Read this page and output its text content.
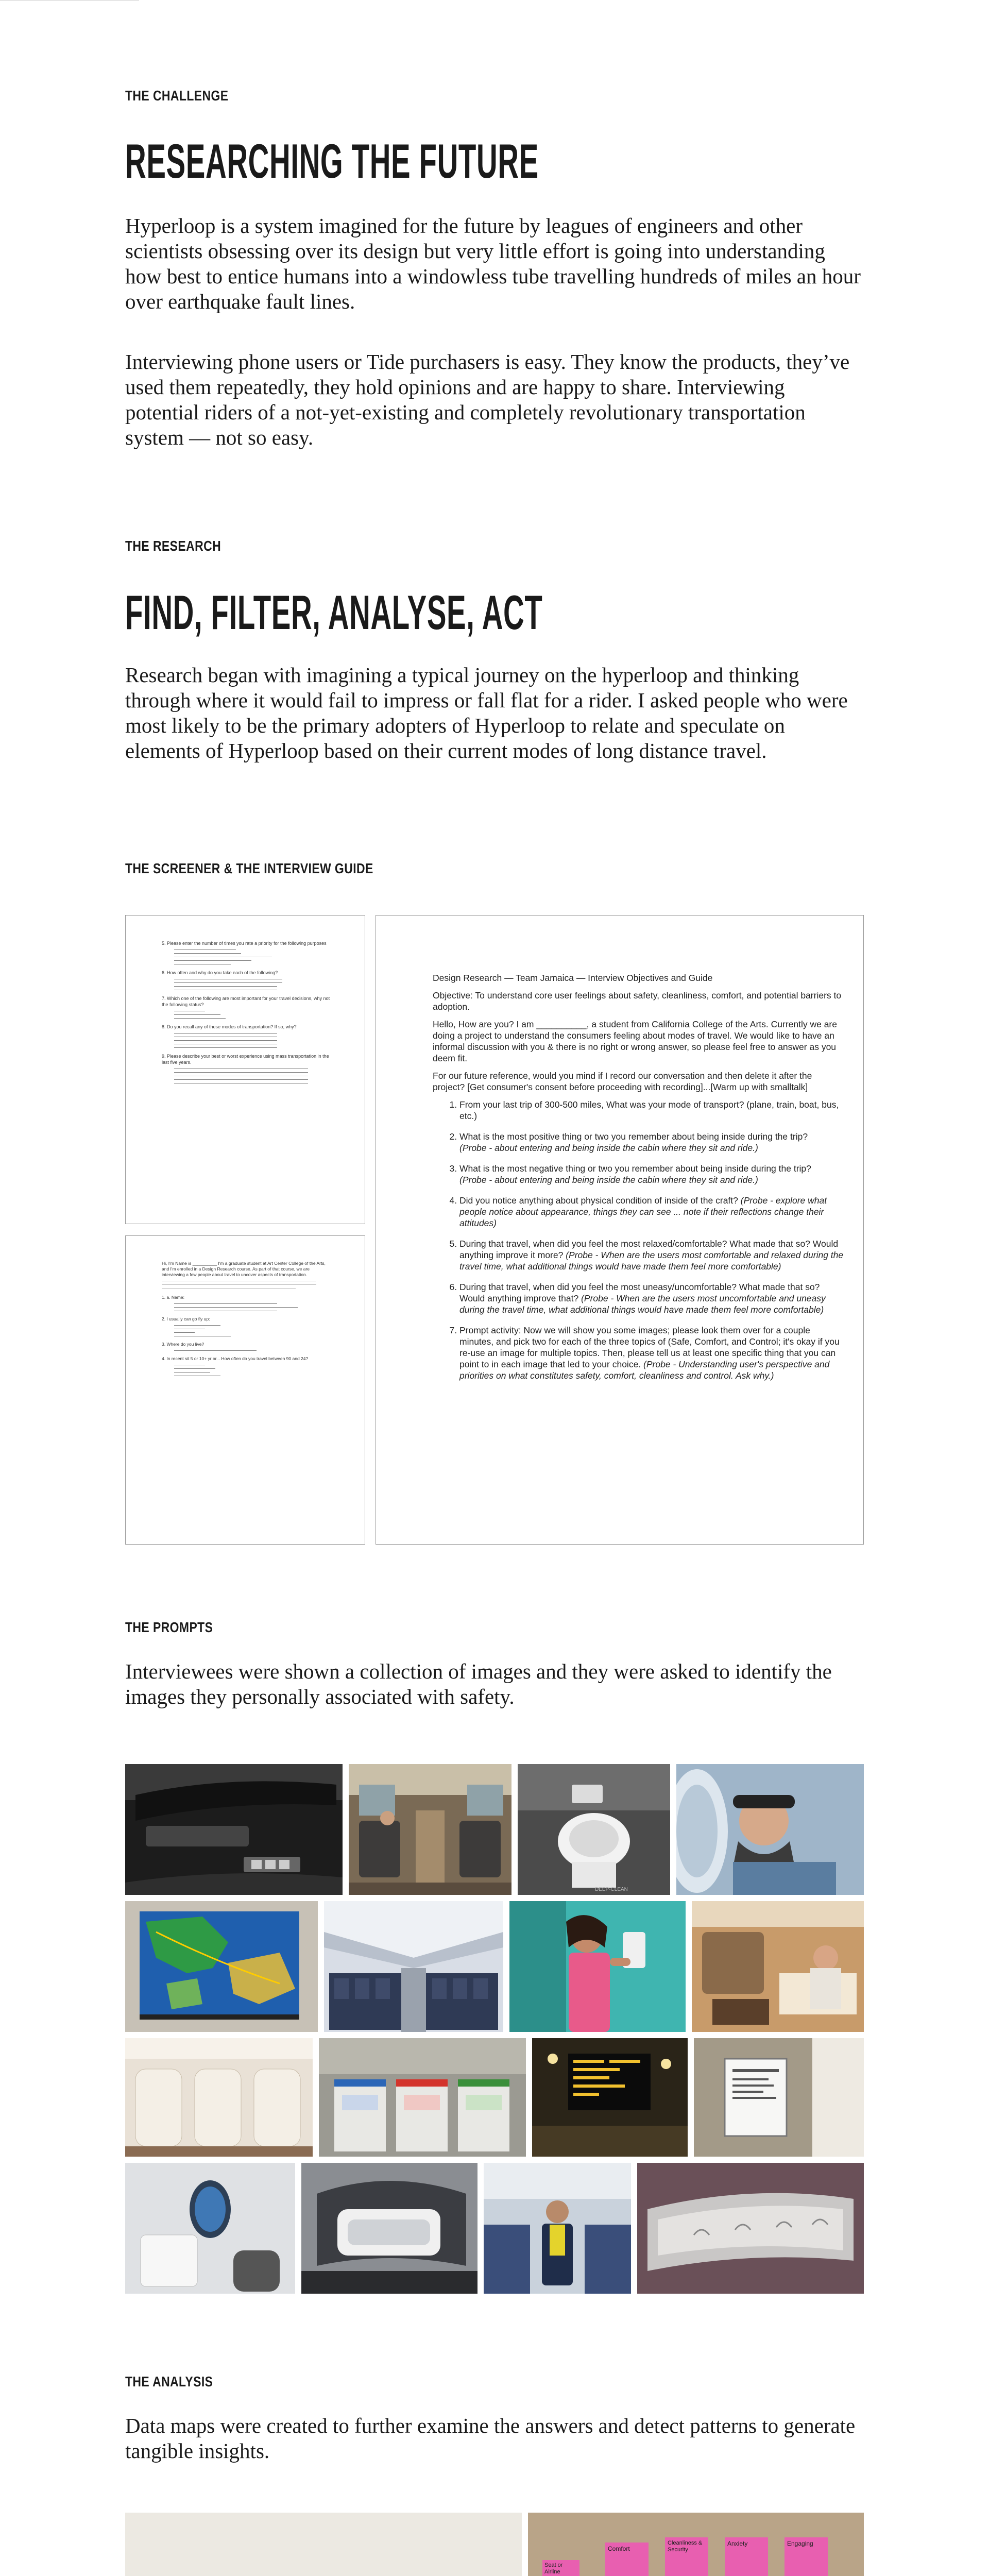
THE CHALLENGE
RESEARCHING THE FUTURE

Hyperloop is a system imagined for the future by leagues of engineers and other scientists obsessing over its design but very little effort is going into understanding how best to entice humans into a windowless tube travelling hundreds of miles an hour over earthquake fault lines.

Interviewing phone users or Tide purchasers is easy. They know the products, they’ve used them repeatedly, they hold opinions and are happy to share. Interviewing potential riders of a not-yet-existing and completely revolutionary transportation system — not so easy.

THE RESEARCH
FIND, FILTER, ANALYSE, ACT

Research began with imagining a typical journey on the hyperloop and thinking through where it would fail to impress or fall flat for a rider. I asked people who were most likely to be the primary adopters of Hyperloop to relate and speculate on elements of Hyperloop based on their current modes of long distance travel.

THE SCREENER & THE INTERVIEW GUIDE
5. Please enter the number of times you rate a priority for the following purposes
6. How often and why do you take each of the following?
7. Which one of the following are most important for your travel decisions, why not the following status?
8. Do you recall any of these modes of transportation? If so, why?
9. Please describe your best or worst experience using mass transportation in the last five years.
Hi, I'm Name is __________ I'm a graduate student at Art Center College of the Arts, and I'm enrolled in a Design Research course. As part of that course, we are interviewing a few people about travel to uncover aspects of transportation.
1. a. Name:
2. I usually can go fly up:
3. Where do you live?
4. In recent sit 5 or 10+ yr or... How often do you travel between 90 and 24?

Design Research — Team Jamaica — Interview Objectives and Guide

Objective: To understand core user feelings about safety, cleanliness, comfort, and potential barriers to adoption.

Hello, How are you? I am __________, a student from California College of the Arts. Currently we are doing a project to understand the consumers feeling about modes of travel. We would like to have an informal discussion with you & there is no right or wrong answer, so please feel free to answer as you deem fit.

For our future reference, would you mind if I record our conversation and then delete it after the project? [Get consumer's consent before proceeding with recording]...[Warm up with smalltalk]

1. From your last trip of 300-500 miles, What was your mode of transport? (plane, train, boat, bus, etc.)
2. What is the most positive thing or two you remember about being inside during the trip?
(Probe - about entering and being inside the cabin where they sit and ride.)
3. What is the most negative thing or two you remember about being inside during the trip?
(Probe - about entering and being inside the cabin where they sit and ride.)
4. Did you notice anything about physical condition of inside of the craft? (Probe - explore what people notice about appearance, things they can see ... note if their reflections change their attitudes)
5. During that travel, when did you feel the most relaxed/comfortable? What made that so? Would anything improve it more? (Probe - When are the users most comfortable and relaxed during the travel time, what additional things would have made them feel more comfortable)
6. During that travel, when did you feel the most uneasy/uncomfortable? What made that so? Would anything improve that? (Probe - When are the users most uncomfortable and uneasy during the travel time, what additional things would have made them feel more comfortable)
7. Prompt activity: Now we will show you some images; please look them over for a couple minutes, and pick two for each of the three topics of (Safe, Comfort, and Control; it's okay if you re-use an image for multiple topics. Then, please tell us at least one specific thing that you can point to in each image that led to your choice. (Probe - Understanding user's perspective and priorities on what constitutes safety, comfort, cleanliness and control. Ask why.)
THE PROMPTS

Interviewees were shown a collection of images and they were asked to identify the images they personally associated with safety.

DEEP-CLEAN
THE ANALYSIS

Data maps were created to further examine the answers and detect patterns to generate tangible insights.

Seat or Airline
Comfort
Cleanliness & Security
Anxiety	Engaging
